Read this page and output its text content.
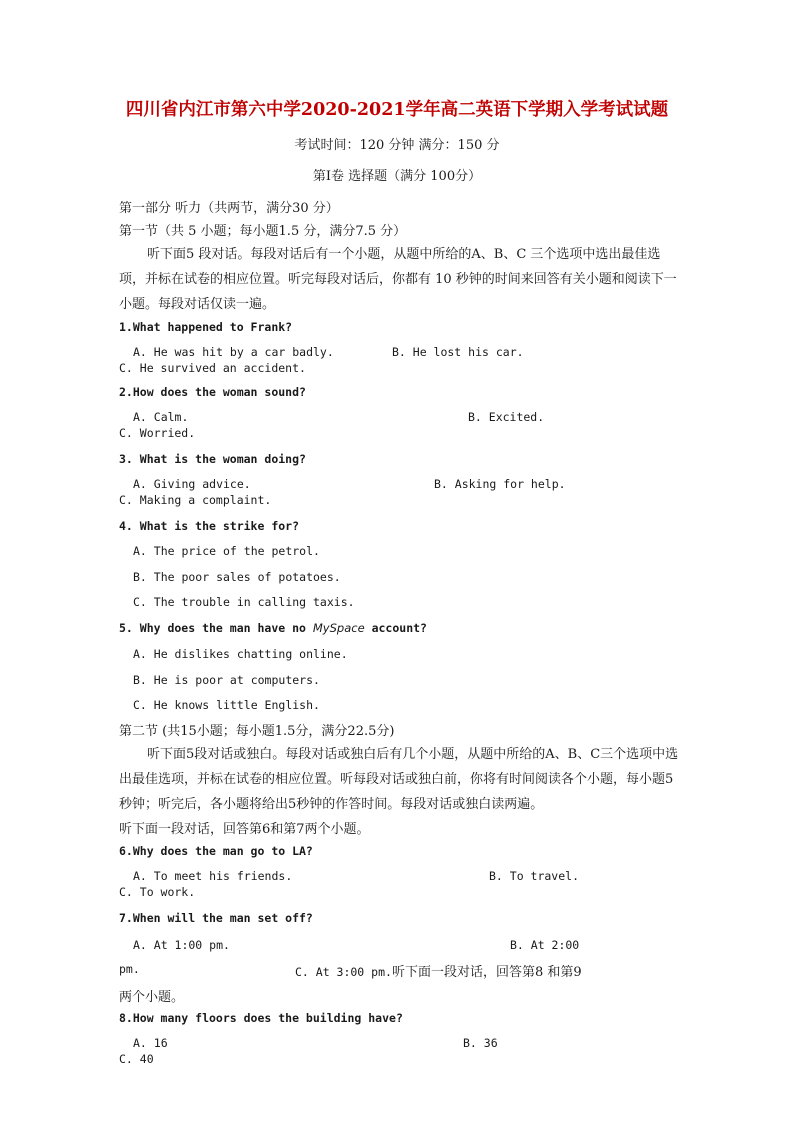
四川省内江市第六中学2020-2021学年高二英语下学期入学考试试题
考试时间：120 分钟 满分：150 分
第Ⅰ卷 选择题（满分 100分）
第一部分 听力（共两节，满分30 分）
第一节（共 5 小题；每小题1.5 分，满分7.5 分）
听下面5 段对话。每段对话后有一个小题，从题中所给的A、B、C 三个选项中选出最佳选项，并标在试卷的相应位置。听完每段对话后，你都有 10 秒钟的时间来回答有关小题和阅读下一小题。每段对话仅读一遍。
1.What happened to Frank?
A. He was hit by a car badly.	B. He lost his car.
C. He survived an accident.
2.How does the woman sound?
A. Calm.	B. Excited.
C. Worried.
3. What is the woman doing?
A. Giving advice.	B. Asking for help.
C. Making a complaint.
4. What is the strike for?
A. The price of the petrol.
B. The poor sales of potatoes.
C. The trouble in calling taxis.
5. Why does the man have no MySpace account?
A. He dislikes chatting online.
B. He is poor at computers.
C. He knows little English.
第二节 (共15小题；每小题1.5分，满分22.5分)
听下面5段对话或独白。每段对话或独白后有几个小题，从题中所给的A、B、C三个选项中选出最佳选项，并标在试卷的相应位置。听每段对话或独白前，你将有时间阅读各个小题，每小题5秒钟；听完后，各小题将给出5秒钟的作答时间。每段对话或独白读两遍。
听下面一段对话，回答第6和第7两个小题。
6.Why does the man go to LA?
A. To meet his friends.	B. To travel.
C. To work.
7.When will the man set off?
A. At 1:00 pm.	B. At 2:00
pm.	C. At 3:00 pm.听下面一段对话，回答第8 和第9
两个小题。
8.How many floors does the building have?
A. 16	B. 36
C. 40
